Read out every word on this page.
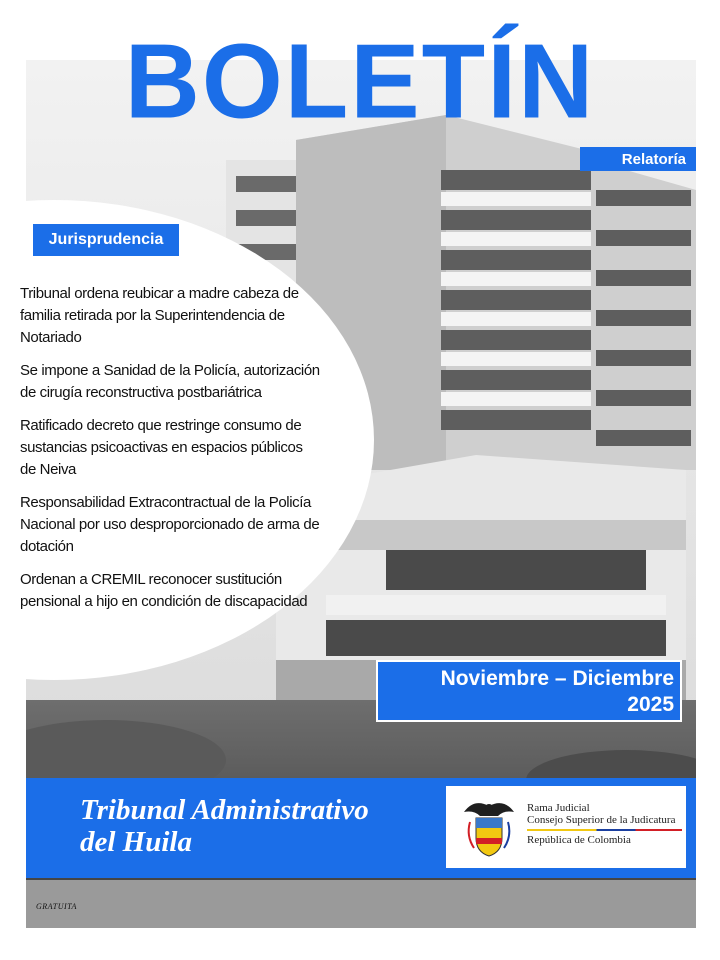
BOLETÍN
Relatoría
Jurisprudencia
Tribunal ordena reubicar a madre cabeza de familia retirada por la Superintendencia de Notariado
Se impone a Sanidad de la Policía, autorización de cirugía reconstructiva postbariátrica
Ratificado decreto que restringe consumo de sustancias psicoactivas en espacios públicos de Neiva
Responsabilidad Extracontractual de la Policía Nacional por uso desproporcionado de arma de dotación
Ordenan a CREMIL reconocer sustitución pensional a hijo en condición de discapacidad
Noviembre – Diciembre
2025
Tribunal Administrativo
del Huila
Rama Judicial
Consejo Superior de la Judicatura
República de Colombia
GRATUITA
